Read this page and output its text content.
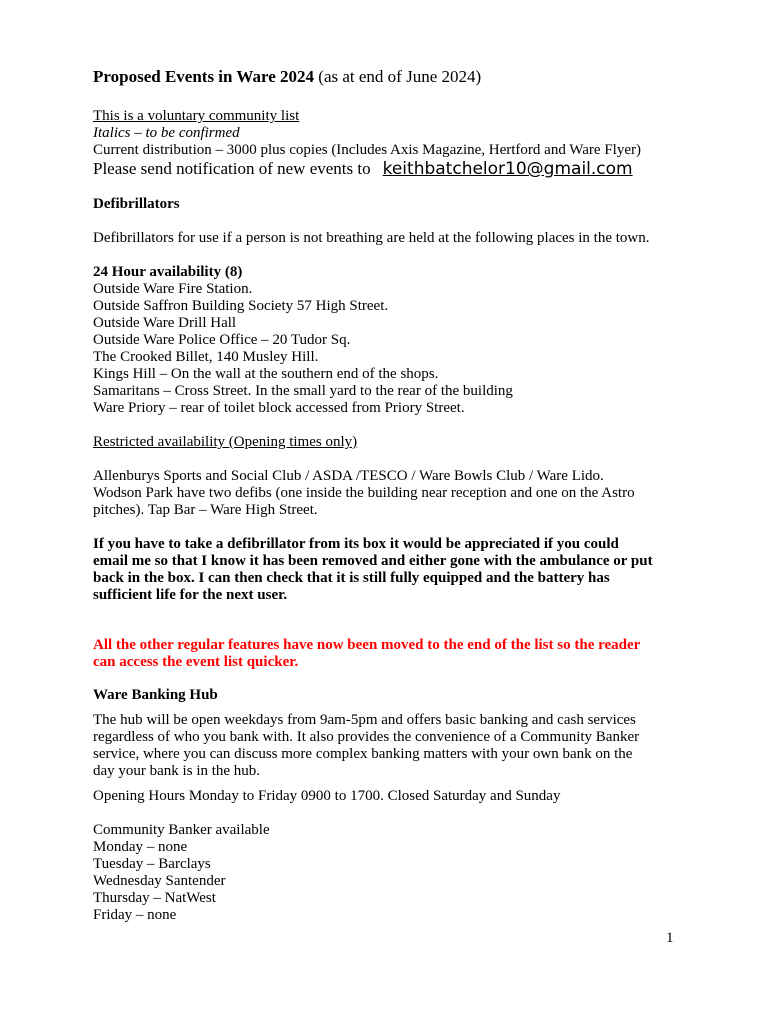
Proposed Events in Ware 2024 (as at end of June 2024)

This is a voluntary community list

Italics – to be confirmed

Current distribution – 3000 plus copies (Includes Axis Magazine, Hertford and Ware Flyer)

Please send notification of new events to keithbatchelor10@gmail.com

Defibrillators

Defibrillators for use if a person is not breathing are held at the following places in the town.

24 Hour availability (8)

Outside Ware Fire Station.

Outside Saffron Building Society 57 High Street.

Outside Ware Drill Hall

Outside Ware Police Office – 20 Tudor Sq.

The Crooked Billet, 140 Musley Hill.

Kings Hill – On the wall at the southern end of the shops.

Samaritans – Cross Street. In the small yard to the rear of the building

Ware Priory – rear of toilet block accessed from Priory Street.

Restricted availability (Opening times only)

Allenburys Sports and Social Club / ASDA /TESCO / Ware Bowls Club / Ware Lido.

Wodson Park have two defibs (one inside the building near reception and one on the Astro

pitches). Tap Bar – Ware High Street.

If you have to take a defibrillator from its box it would be appreciated if you could

email me so that I know it has been removed and either gone with the ambulance or put

back in the box. I can then check that it is still fully equipped and the battery has

sufficient life for the next user.

All the other regular features have now been moved to the end of the list so the reader

can access the event list quicker.

Ware Banking Hub

The hub will be open weekdays from 9am-5pm and offers basic banking and cash services

regardless of who you bank with. It also provides the convenience of a Community Banker

service, where you can discuss more complex banking matters with your own bank on the

day your bank is in the hub.

Opening Hours Monday to Friday 0900 to 1700. Closed Saturday and Sunday

Community Banker available

Monday – none

Tuesday – Barclays

Wednesday Santender

Thursday – NatWest

Friday – none

1
